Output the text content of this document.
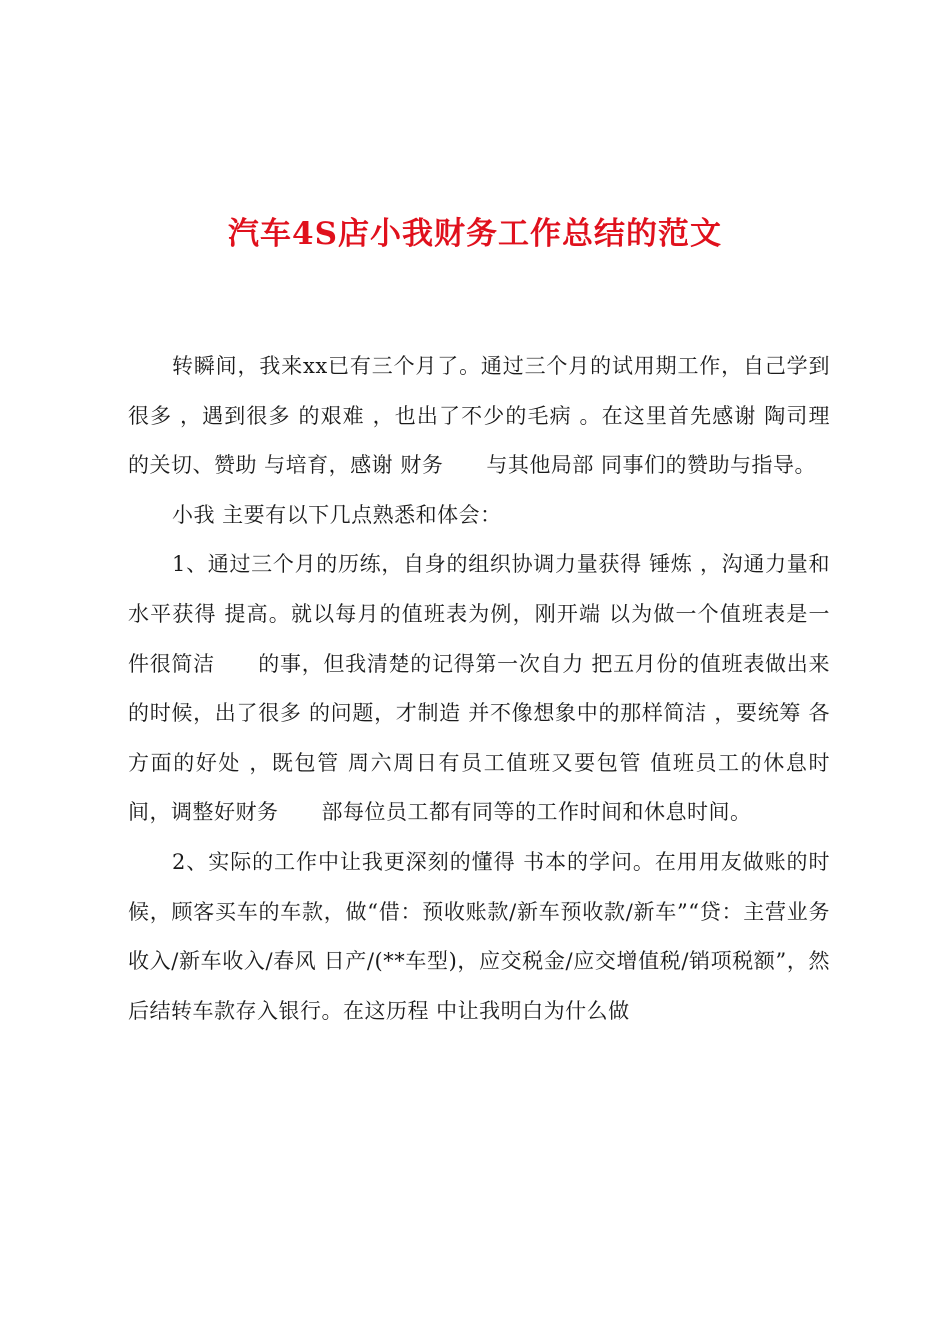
汽车4S店小我财务工作总结的范文

转瞬间，我来xx已有三个月了。通过三个月的试用期工作，自己学到很多 ，遇到很多 的艰难 ，也出了不少的毛病 。在这里首先感谢 陶司理 的关切、赞助 与培育，感谢 财务　　与其他局部 同事们的赞助与指导。

小我 主要有以下几点熟悉和体会：

1、通过三个月的历练，自身的组织协调力量获得 锤炼 ，沟通力量和水平获得 提高。就以每月的值班表为例，刚开端 以为做一个值班表是一件很简洁　　的事，但我清楚的记得第一次自力 把五月份的值班表做出来的时候，出了很多 的问题，才制造 并不像想象中的那样简洁 ，要统筹 各方面的好处 ，既包管 周六周日有员工值班又要包管 值班员工的休息时间，调整好财务　　部每位员工都有同等的工作时间和休息时间。

2、实际的工作中让我更深刻的懂得 书本的学问。在用用友做账的时候，顾客买车的车款，做“借：预收账款/新车预收款/新车”“贷：主营业务收入/新车收入/春风 日产/(**车型)，应交税金/应交增值税/销项税额”，然后结转车款存入银行。在这历程 中让我明白为什么做
